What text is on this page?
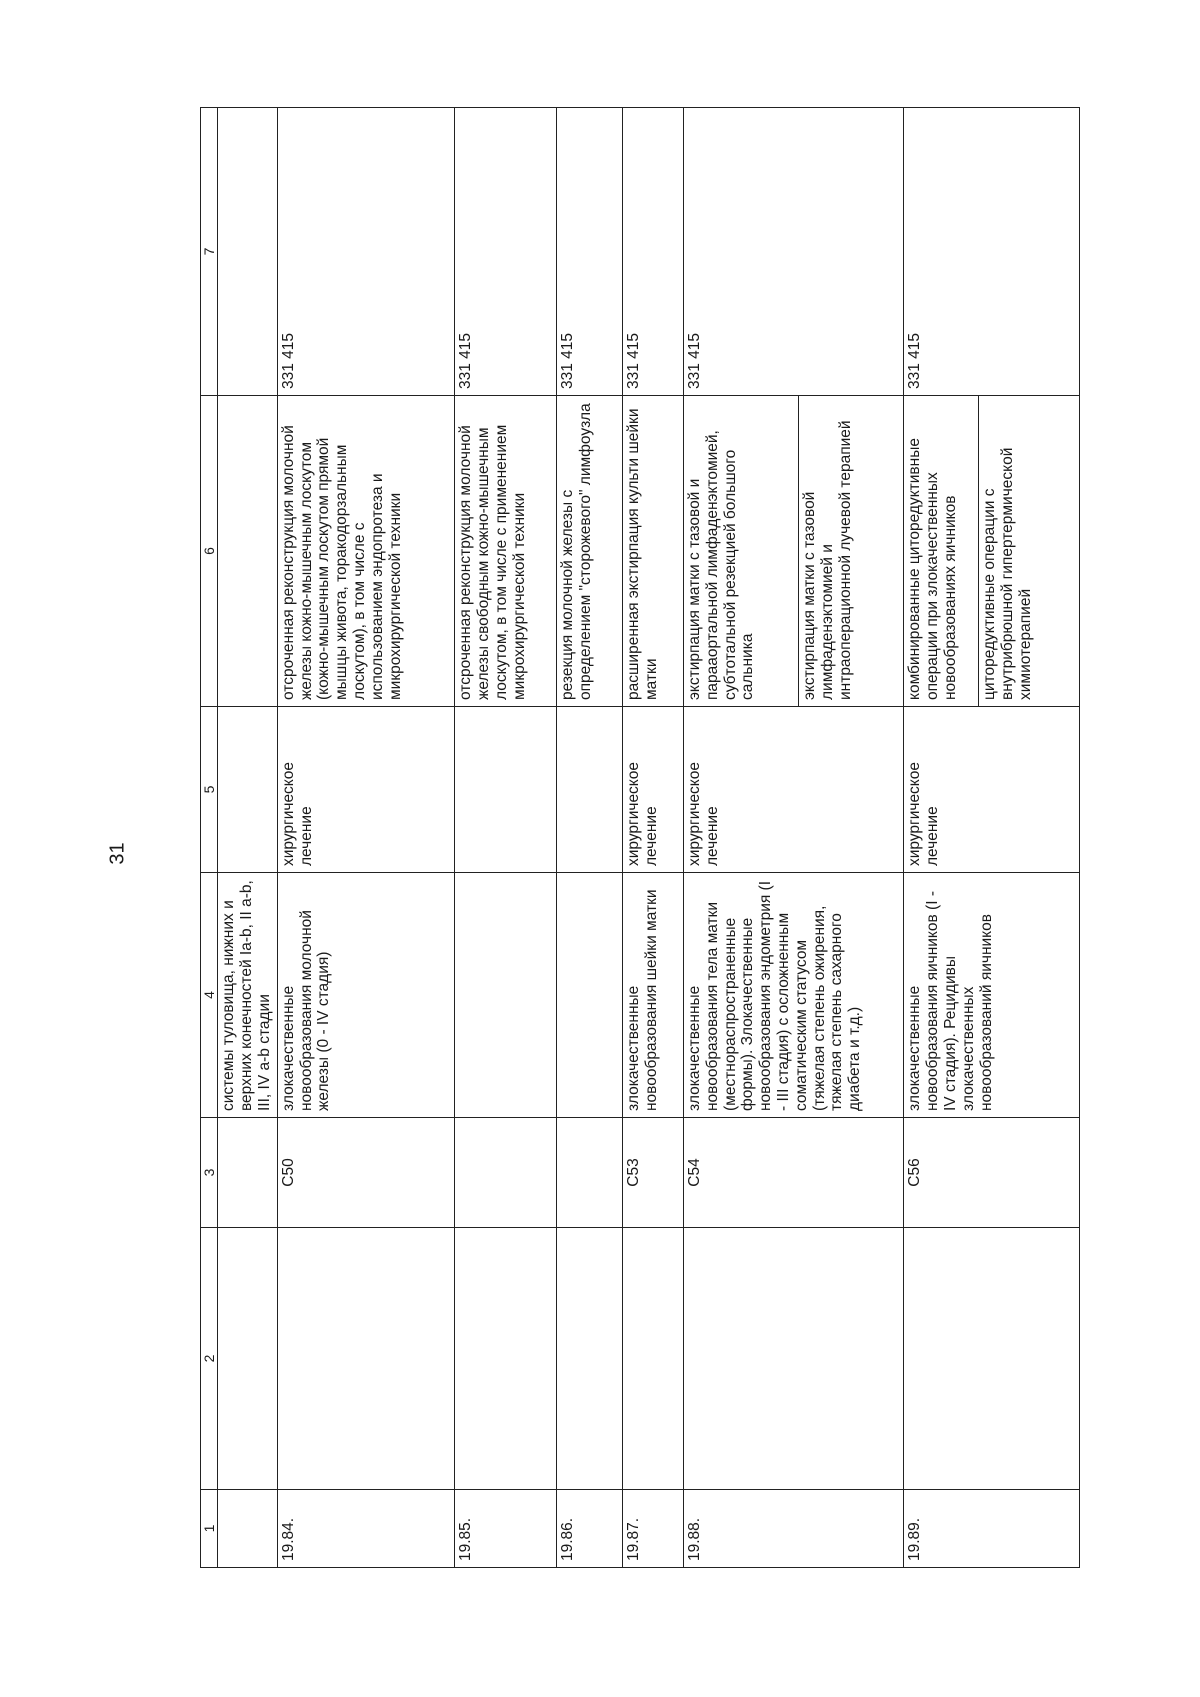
31
1	2	3	4	5	6	7
			системы туловища, нижних и верхних конечностей Ia-b, II a-b, III, IV a-b стадии			
19.84.		C50	злокачественные новообразования молочной железы (0 - IV стадия)	хирургическое лечение	отсроченная реконструкция молочной железы кожно-мышечным лоскутом (кожно-мышечным лоскутом прямой мышцы живота, торакодорзальным лоскутом), в том числе с использованием эндопротеза и микрохирургической техники	331 415
19.85.					отсроченная реконструкция молочной железы свободным кожно-мышечным лоскутом, в том числе с применением микрохирургической техники	331 415
19.86.					резекция молочной железы с определением "сторожевого" лимфоузла	331 415
19.87.		C53	злокачественные новообразования шейки матки	хирургическое лечение	расширенная экстирпация культи шейки матки	331 415
19.88.		C54	злокачественные новообразования тела матки (местнораспространенные формы). Злокачественные новообразования эндометрия (I - III стадия) с осложненным соматическим статусом (тяжелая степень ожирения, тяжелая степень сахарного диабета и т.д.)	хирургическое лечение	экстирпация матки с тазовой и парааортальной лимфаденэктомией, субтотальной резекцией большого сальника экстирпация матки с тазовой лимфаденэктомией и интраоперационной лучевой терапией	331 415
19.89.		C56	злокачественные новообразования яичников (I - IV стадия). Рецидивы злокачественных новообразований яичников	хирургическое лечение	комбинированные циторедуктивные операции при злокачественных новообразованиях яичников циторедуктивные операции с внутрибрюшной гипертермической химиотерапией	331 415
